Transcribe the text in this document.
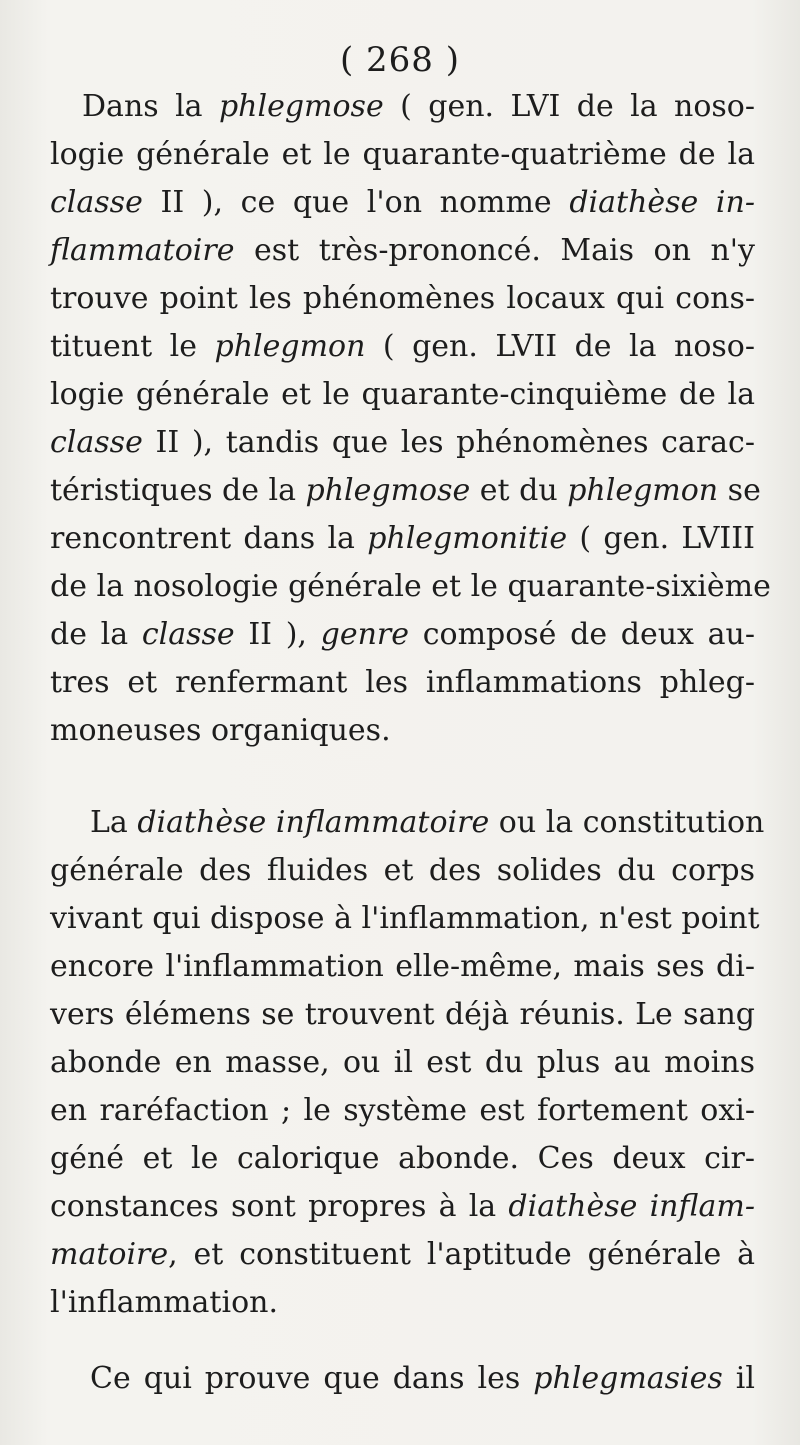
( 268 )
Dans la phlegmose ( gen. LVI de la noso-
logie générale et le quarante-quatrième de la
classe II ), ce que l'on nomme diathèse in-
flammatoire est très-prononcé. Mais on n'y
trouve point les phénomènes locaux qui cons-
tituent le phlegmon ( gen. LVII de la noso-
logie générale et le quarante-cinquième de la
classe II ), tandis que les phénomènes carac-
téristiques de la phlegmose et du phlegmon se
rencontrent dans la phlegmonitie ( gen. LVIII
de la nosologie générale et le quarante-sixième
de la classe II ), genre composé de deux au-
tres et renfermant les inflammations phleg-
moneuses organiques.
La diathèse inflammatoire ou la constitution
générale des fluides et des solides du corps
vivant qui dispose à l'inflammation, n'est point
encore l'inflammation elle-même, mais ses di-
vers élémens se trouvent déjà réunis. Le sang
abonde en masse, ou il est du plus au moins
en raréfaction ; le système est fortement oxi-
géné et le calorique abonde. Ces deux cir-
constances sont propres à la diathèse inflam-
matoire, et constituent l'aptitude générale à
l'inflammation.
Ce qui prouve que dans les phlegmasies il
